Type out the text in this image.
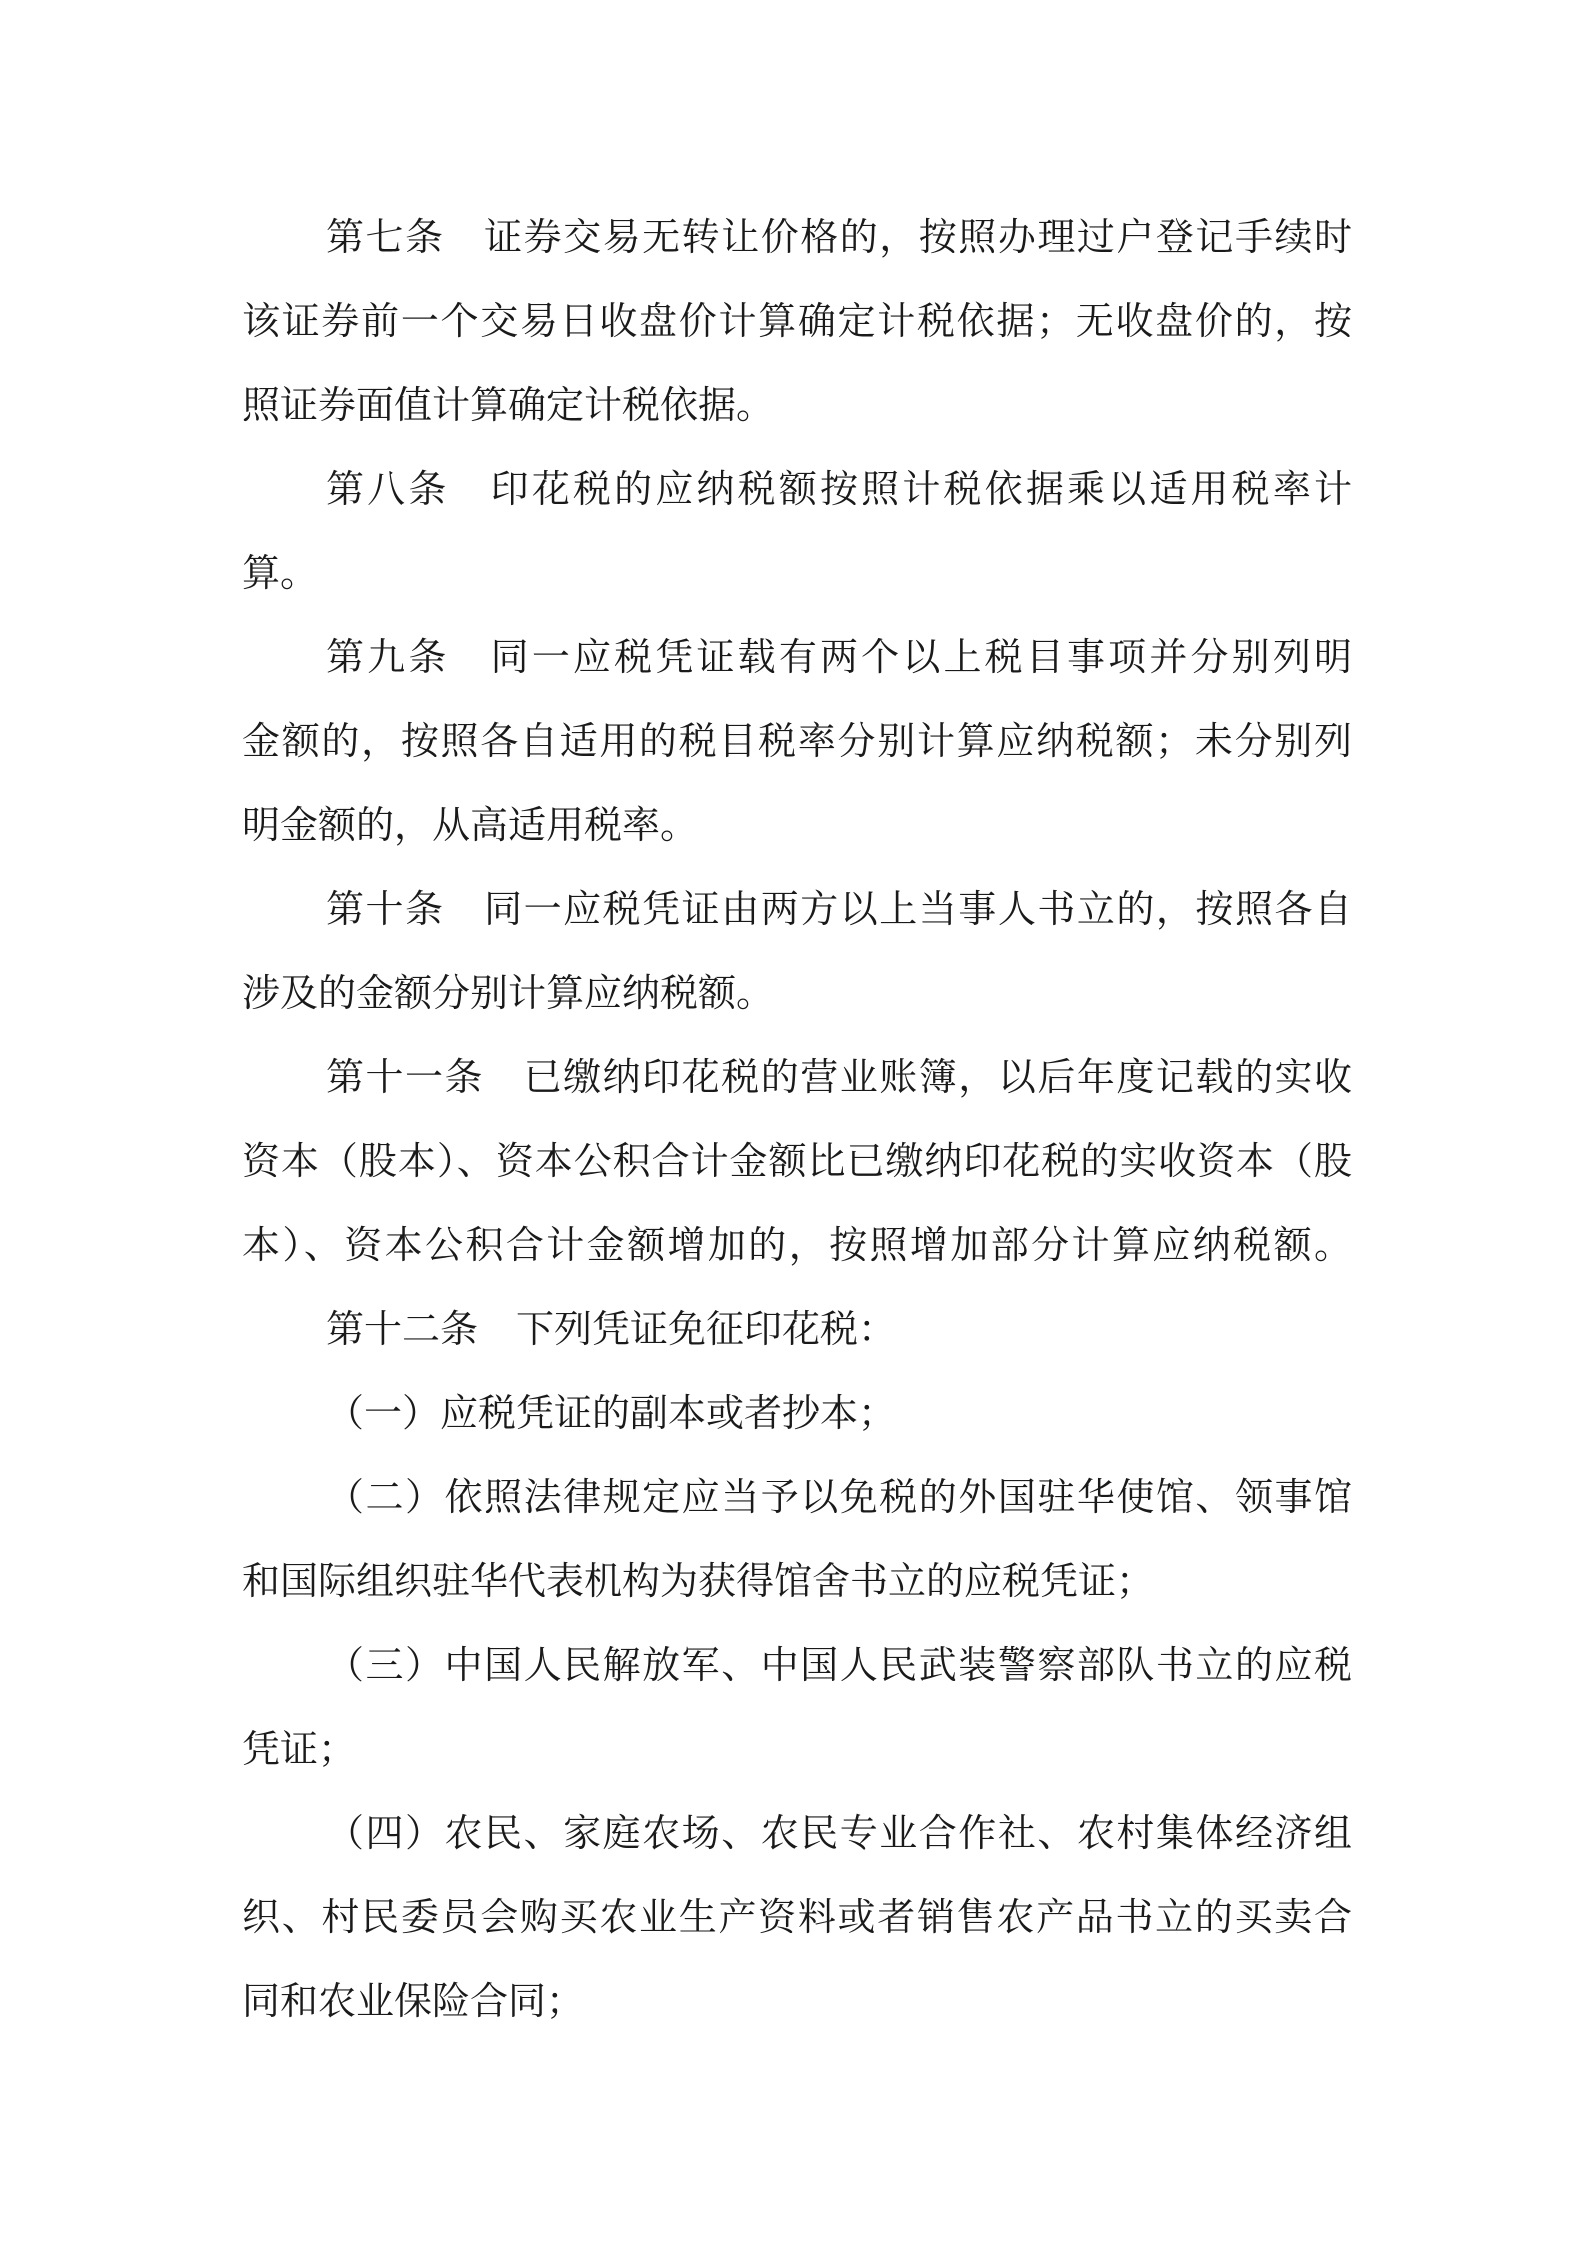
第七条　证券交易无转让价格的，按照办理过户登记手续时
该证券前一个交易日收盘价计算确定计税依据；无收盘价的，按
照证券面值计算确定计税依据。
第八条　印花税的应纳税额按照计税依据乘以适用税率计
算。
第九条　同一应税凭证载有两个以上税目事项并分别列明
金额的，按照各自适用的税目税率分别计算应纳税额；未分别列
明金额的，从高适用税率。
第十条　同一应税凭证由两方以上当事人书立的，按照各自
涉及的金额分别计算应纳税额。
第十一条　已缴纳印花税的营业账簿，以后年度记载的实收
资本（股本）、资本公积合计金额比已缴纳印花税的实收资本（股
本）、资本公积合计金额增加的，按照增加部分计算应纳税额。
第十二条　下列凭证免征印花税：
（一）应税凭证的副本或者抄本；
（二）依照法律规定应当予以免税的外国驻华使馆、领事馆
和国际组织驻华代表机构为获得馆舍书立的应税凭证；
（三）中国人民解放军、中国人民武装警察部队书立的应税
凭证；
（四）农民、家庭农场、农民专业合作社、农村集体经济组
织、村民委员会购买农业生产资料或者销售农产品书立的买卖合
同和农业保险合同；
